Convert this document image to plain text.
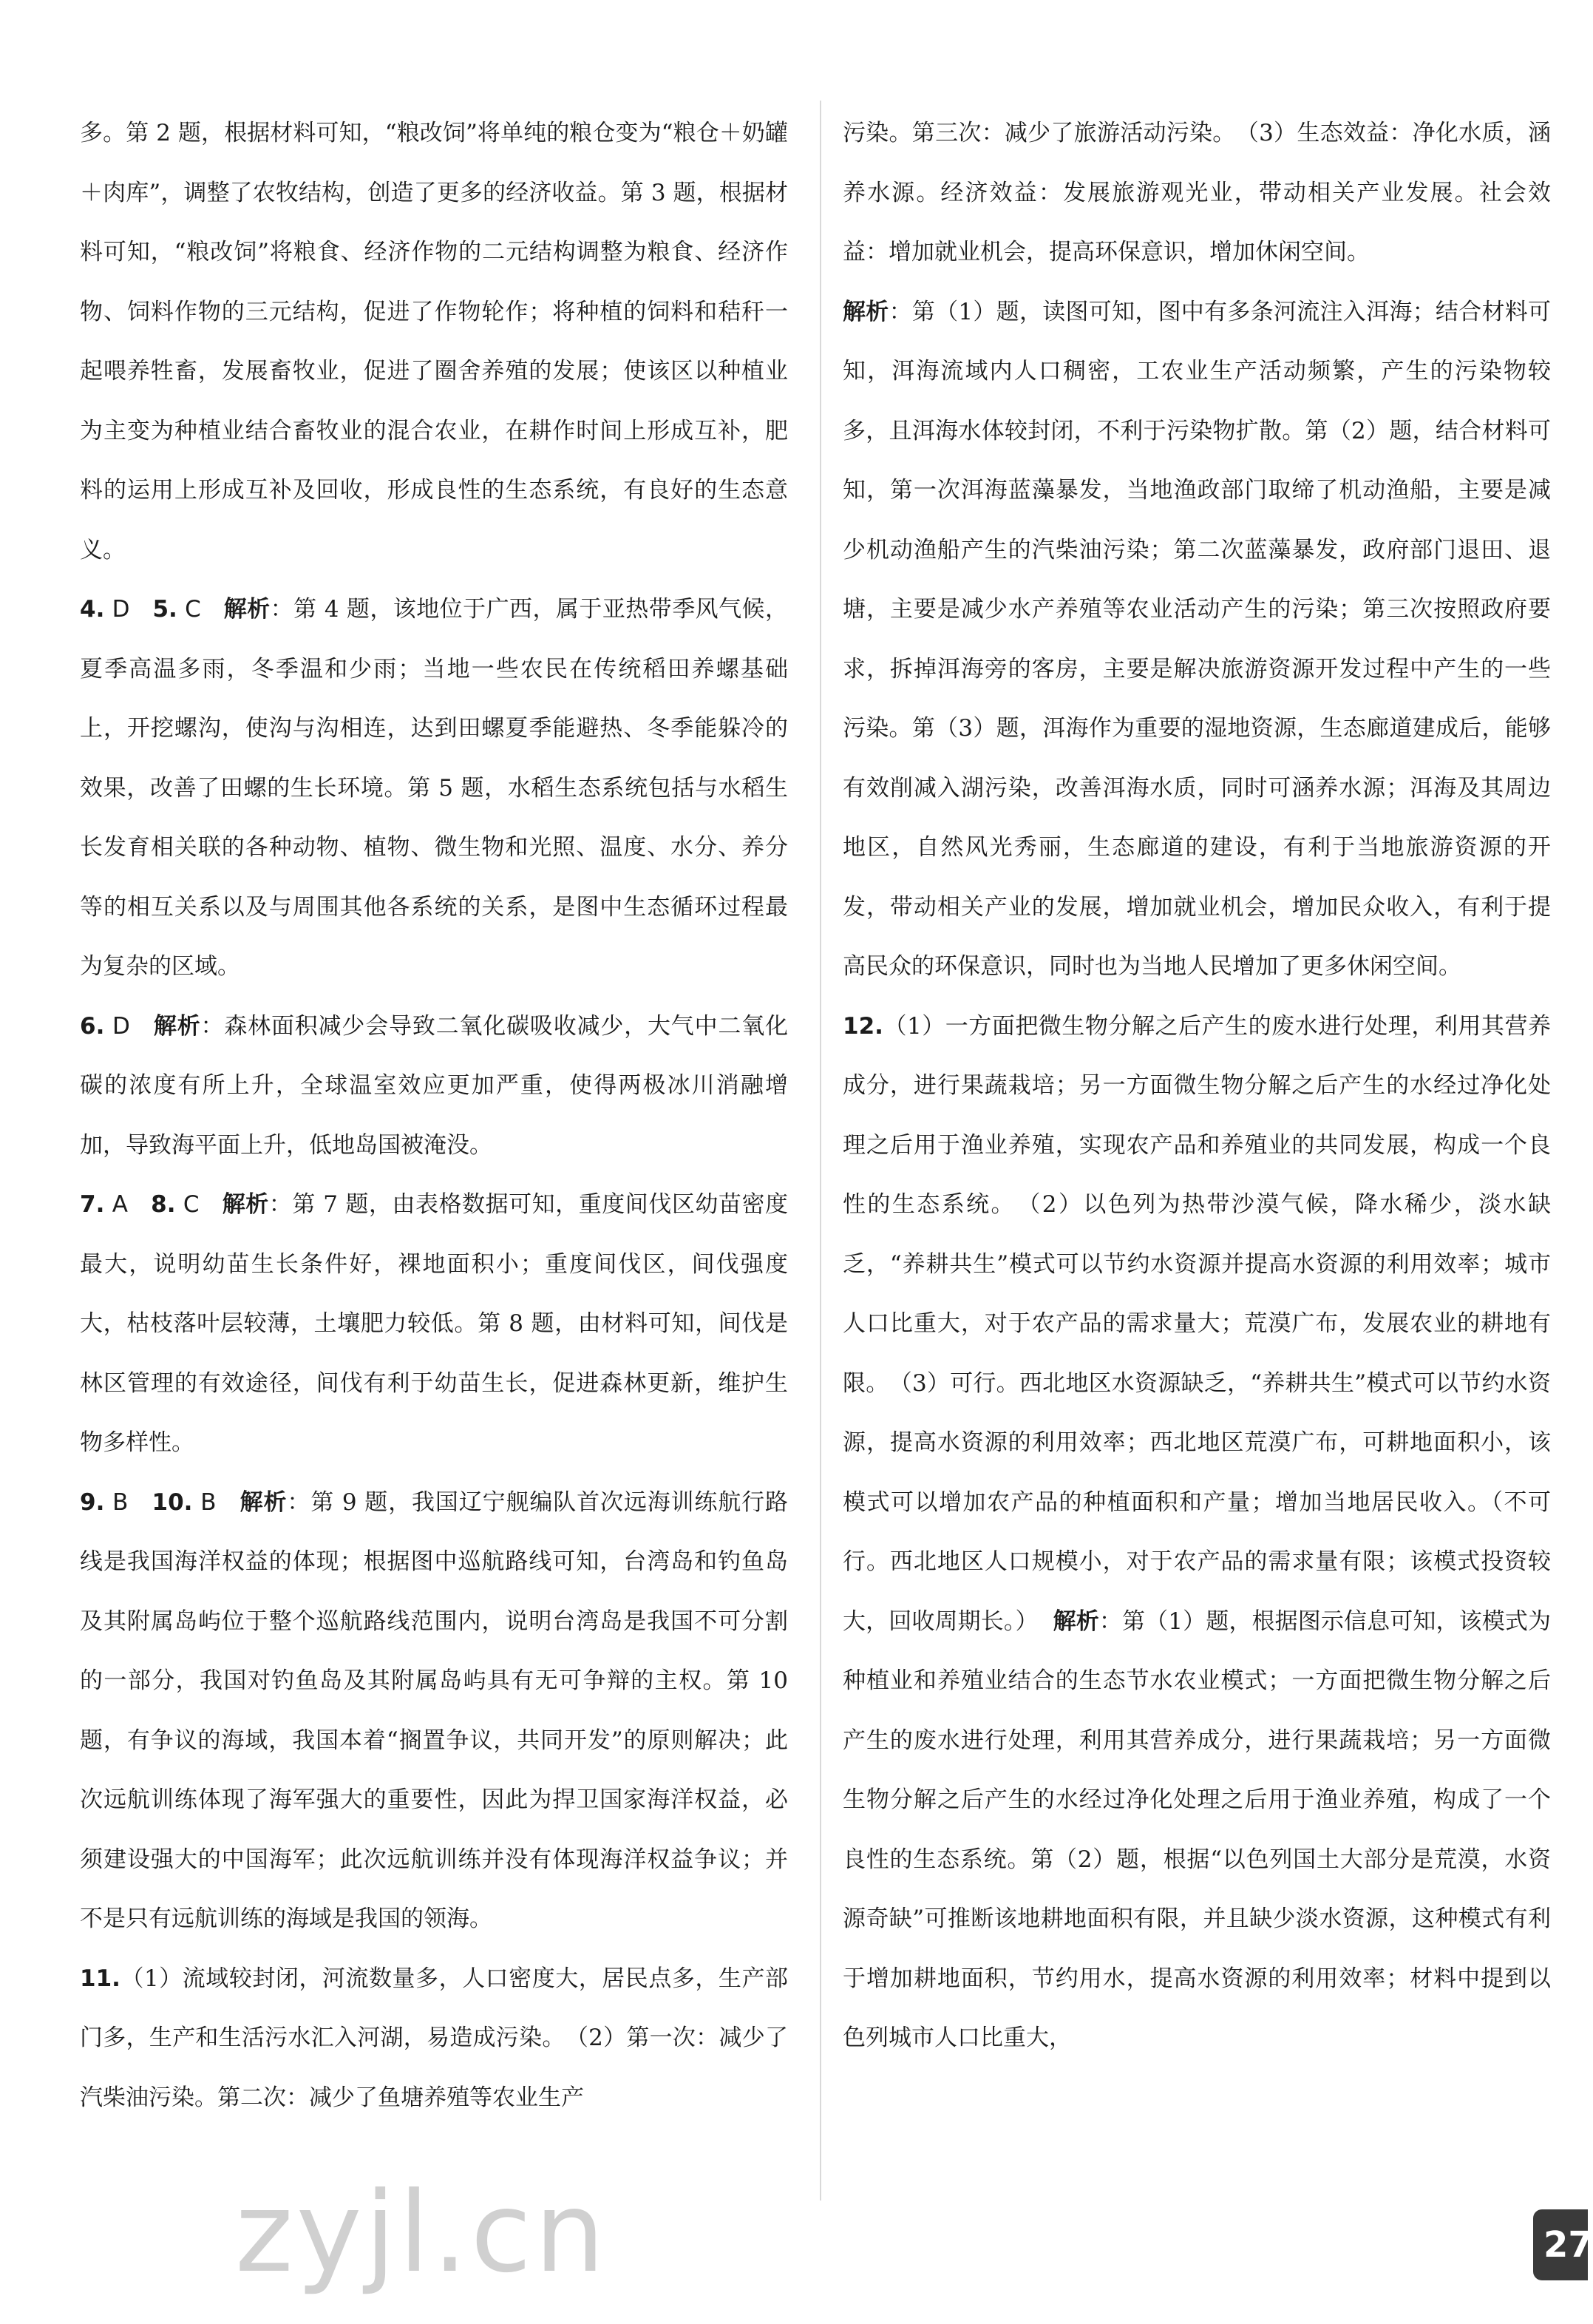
多。第 2 题，根据材料可知，“粮改饲”将单纯的粮仓变为“粮仓＋奶罐＋肉库”，调整了农牧结构，创造了更多的经济收益。第 3 题，根据材料可知，“粮改饲”将粮食、经济作物的二元结构调整为粮食、经济作物、饲料作物的三元结构，促进了作物轮作；将种植的饲料和秸秆一起喂养牲畜，发展畜牧业，促进了圈舍养殖的发展；使该区以种植业为主变为种植业结合畜牧业的混合农业，在耕作时间上形成互补，肥料的运用上形成互补及回收，形成良性的生态系统，有良好的生态意义。

4. D 5. C 解析：第 4 题，该地位于广西，属于亚热带季风气候，夏季高温多雨，冬季温和少雨；当地一些农民在传统稻田养螺基础上，开挖螺沟，使沟与沟相连，达到田螺夏季能避热、冬季能躲冷的效果，改善了田螺的生长环境。第 5 题，水稻生态系统包括与水稻生长发育相关联的各种动物、植物、微生物和光照、温度、水分、养分等的相互关系以及与周围其他各系统的关系，是图中生态循环过程最为复杂的区域。

6. D 解析：森林面积减少会导致二氧化碳吸收减少，大气中二氧化碳的浓度有所上升，全球温室效应更加严重，使得两极冰川消融增加，导致海平面上升，低地岛国被淹没。

7. A 8. C 解析：第 7 题，由表格数据可知，重度间伐区幼苗密度最大，说明幼苗生长条件好，裸地面积小；重度间伐区，间伐强度大，枯枝落叶层较薄，土壤肥力较低。第 8 题，由材料可知，间伐是林区管理的有效途径，间伐有利于幼苗生长，促进森林更新，维护生物多样性。

9. B 10. B 解析：第 9 题，我国辽宁舰编队首次远海训练航行路线是我国海洋权益的体现；根据图中巡航路线可知，台湾岛和钓鱼岛及其附属岛屿位于整个巡航路线范围内，说明台湾岛是我国不可分割的一部分，我国对钓鱼岛及其附属岛屿具有无可争辩的主权。第 10 题，有争议的海域，我国本着“搁置争议，共同开发”的原则解决；此次远航训练体现了海军强大的重要性，因此为捍卫国家海洋权益，必须建设强大的中国海军；此次远航训练并没有体现海洋权益争议；并不是只有远航训练的海域是我国的领海。

11.（1）流域较封闭，河流数量多，人口密度大，居民点多，生产部门多，生产和生活污水汇入河湖，易造成污染。　（2）第一次：减少了汽柴油污染。第二次：减少了鱼塘养殖等农业生产

污染。第三次：减少了旅游活动污染。　（3）生态效益：净化水质，涵养水源。经济效益：发展旅游观光业，带动相关产业发展。社会效益：增加就业机会，提高环保意识，增加休闲空间。

解析：第（1）题，读图可知，图中有多条河流注入洱海；结合材料可知，洱海流域内人口稠密，工农业生产活动频繁，产生的污染物较多，且洱海水体较封闭，不利于污染物扩散。第（2）题，结合材料可知，第一次洱海蓝藻暴发，当地渔政部门取缔了机动渔船，主要是减少机动渔船产生的汽柴油污染；第二次蓝藻暴发，政府部门退田、退塘，主要是减少水产养殖等农业活动产生的污染；第三次按照政府要求，拆掉洱海旁的客房，主要是解决旅游资源开发过程中产生的一些污染。第（3）题，洱海作为重要的湿地资源，生态廊道建成后，能够有效削减入湖污染，改善洱海水质，同时可涵养水源；洱海及其周边地区，自然风光秀丽，生态廊道的建设，有利于当地旅游资源的开发，带动相关产业的发展，增加就业机会，增加民众收入，有利于提高民众的环保意识，同时也为当地人民增加了更多休闲空间。

12.（1）一方面把微生物分解之后产生的废水进行处理，利用其营养成分，进行果蔬栽培；另一方面微生物分解之后产生的水经过净化处理之后用于渔业养殖，实现农产品和养殖业的共同发展，构成一个良性的生态系统。　（2）以色列为热带沙漠气候，降水稀少，淡水缺乏，“养耕共生”模式可以节约水资源并提高水资源的利用效率；城市人口比重大，对于农产品的需求量大；荒漠广布，发展农业的耕地有限。　（3）可行。西北地区水资源缺乏，“养耕共生”模式可以节约水资源，提高水资源的利用效率；西北地区荒漠广布，可耕地面积小，该模式可以增加农产品的种植面积和产量；增加当地居民收入。（不可行。西北地区人口规模小，对于农产品的需求量有限；该模式投资较大，回收周期长。） 解析：第（1）题，根据图示信息可知，该模式为种植业和养殖业结合的生态节水农业模式；一方面把微生物分解之后产生的废水进行处理，利用其营养成分，进行果蔬栽培；另一方面微生物分解之后产生的水经过净化处理之后用于渔业养殖，构成了一个良性的生态系统。第（2）题，根据“以色列国土大部分是荒漠，水资源奇缺”可推断该地耕地面积有限，并且缺少淡水资源，这种模式有利于增加耕地面积，节约用水，提高水资源的利用效率；材料中提到以色列城市人口比重大，

27
zyjl.cn
